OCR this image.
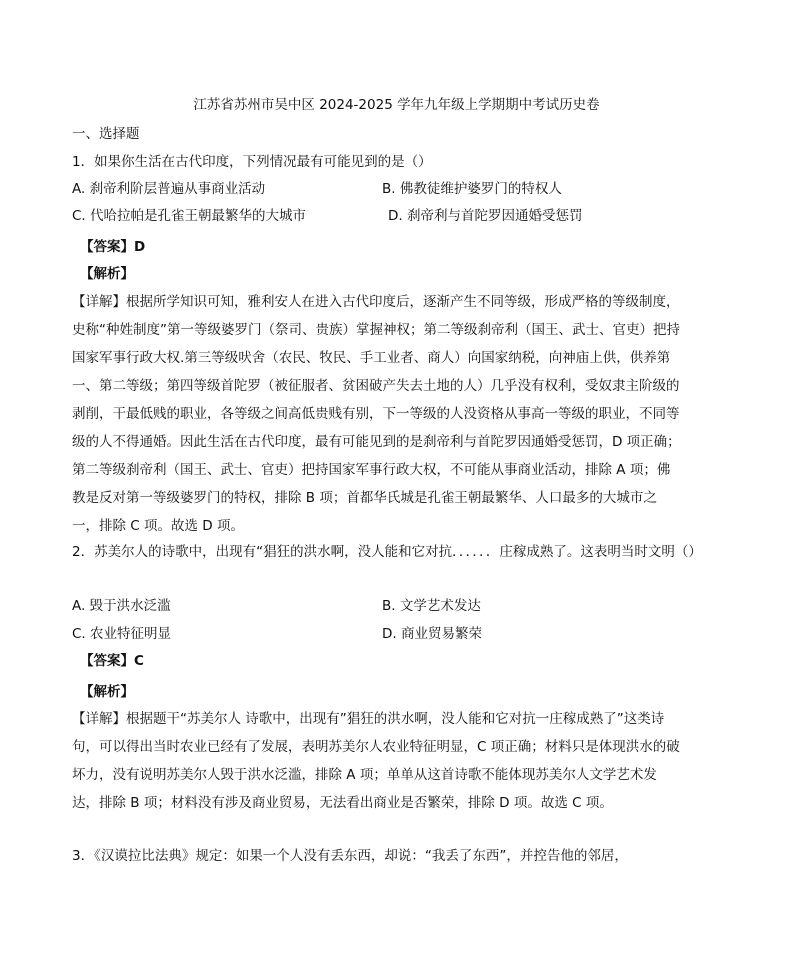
江苏省苏州市吴中区 2024-2025 学年九年级上学期期中考试历史卷
一、选择题
1．如果你生活在古代印度，下列情况最有可能见到的是（）
A. 刹帝利阶层普遍从事商业活动	B. 佛教徒维护婆罗门的特权人
C. 代哈拉帕是孔雀王朝最繁华的大城市	D. 刹帝利与首陀罗因通婚受惩罚
【答案】D
【解析】
【详解】根据所学知识可知，雅利安人在进入古代印度后，逐渐产生不同等级，形成严格的等级制度，史称“种姓制度”第一等级婆罗门（祭司、贵族）掌握神权；第二等级刹帝利（国王、武士、官吏）把持国家军事行政大权.第三等级吠舍（农民、牧民、手工业者、商人）向国家纳税，向神庙上供，供养第一、第二等级；第四等级首陀罗（被征服者、贫困破产失去土地的人）几乎没有权利，受奴隶主阶级的剥削，干最低贱的职业，各等级之间高低贵贱有别，下一等级的人没资格从事高一等级的职业，不同等级的人不得通婚。因此生活在古代印度，最有可能见到的是刹帝利与首陀罗因通婚受惩罚，D 项正确；第二等级刹帝利（国王、武士、官吏）把持国家军事行政大权，不可能从事商业活动，排除 A 项；佛教是反对第一等级婆罗门的特权，排除 B 项；首都华氏城是孔雀王朝最繁华、人口最多的大城市之一，排除 C 项。故选 D 项。
2．苏美尔人的诗歌中，出现有“猖狂的洪水啊，没人能和它对抗．．．．．．庄稼成熟了。这表明当时文明（）
A. 毁于洪水泛滥	B. 文学艺术发达
C. 农业特征明显	D. 商业贸易繁荣
【答案】C
【解析】
【详解】根据题干“苏美尔人 诗歌中，出现有”猖狂的洪水啊，没人能和它对抗一庄稼成熟了”这类诗句，可以得出当时农业已经有了发展，表明苏美尔人农业特征明显，C 项正确；材料只是体现洪水的破坏力，没有说明苏美尔人毁于洪水泛滥，排除 A 项；单单从这首诗歌不能体现苏美尔人文学艺术发达，排除 B 项；材料没有涉及商业贸易，无法看出商业是否繁荣，排除 D 项。故选 C 项。
3．《汉谟拉比法典》规定：如果一个人没有丢东西，却说：“我丢了东西”，并控告他的邻居，
